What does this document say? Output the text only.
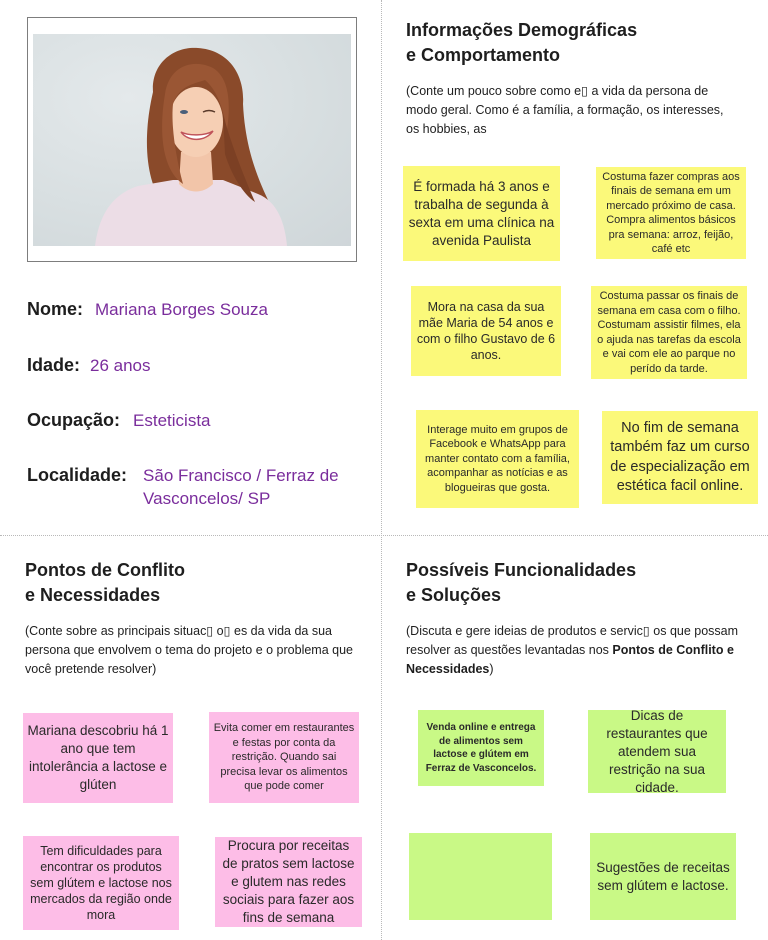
Nome: Mariana Borges Souza
Idade: 26 anos
Ocupação: Esteticista
Localidade: São Francisco / Ferraz de Vasconcelos/ SP
Informações Demográficas
e Comportamento
(Conte um pouco sobre como e▯ a vida da persona de modo geral. Como é a família, a formação, os interesses, os hobbies, as
É formada há 3 anos e trabalha de segunda à sexta em uma clínica na avenida Paulista
Costuma fazer compras aos finais de semana em um mercado próximo de casa. Compra alimentos básicos pra semana: arroz, feijão, café etc
Mora na casa da sua mãe Maria de 54 anos e com o filho Gustavo de 6 anos.
Costuma passar os finais de semana em casa com o filho. Costumam assistir filmes, ela o ajuda nas tarefas da escola e vai com ele ao parque no perído da tarde.
Interage muito em grupos de Facebook e WhatsApp para manter contato com a família, acompanhar as notícias e as blogueiras que gosta.
No fim de semana também faz um curso de especialização em estética facil online.
Pontos de Conflito
e Necessidades
(Conte sobre as principais situac▯ o▯ es da vida da sua persona que envolvem o tema do projeto e o problema que você pretende resolver)
Mariana descobriu há 1 ano que tem intolerância a lactose e glúten
Evita comer em restaurantes e festas por conta da restrição. Quando sai precisa levar os alimentos que pode comer
Tem dificuldades para encontrar os produtos sem glútem e lactose nos mercados da região onde mora
Procura por receitas de pratos sem lactose e glutem nas redes sociais para fazer aos fins de semana
Possíveis Funcionalidades
e Soluções
(Discuta e gere ideias de produtos e servic▯ os que possam resolver as questões levantadas nos Pontos de Conflito e Necessidades)
Venda online e entrega de alimentos sem lactose e glútem em Ferraz de Vasconcelos.
Dicas de restaurantes que atendem sua restrição na sua cidade.
Sugestões de receitas sem glútem e lactose.
